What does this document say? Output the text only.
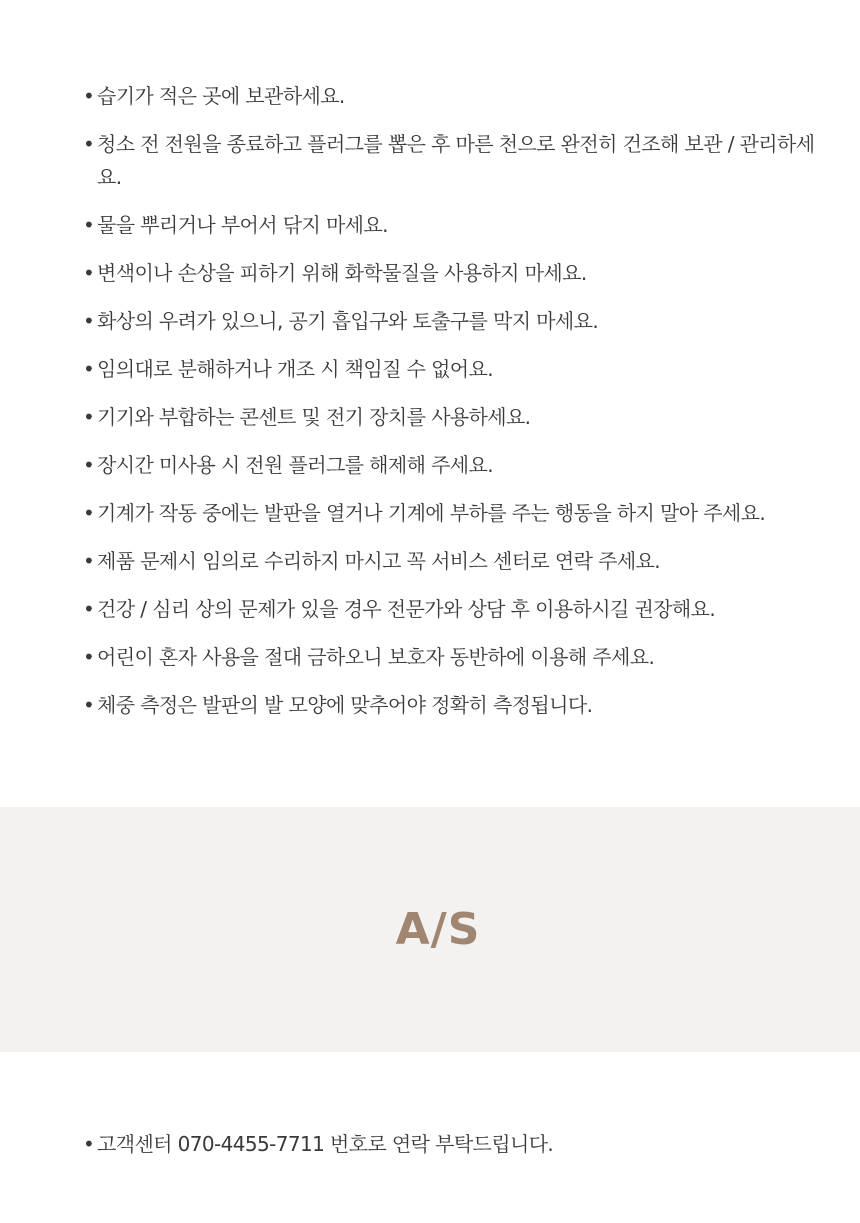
• 습기가 적은 곳에 보관하세요.
• 청소 전 전원을 종료하고 플러그를 뽑은 후 마른 천으로 완전히 건조해 보관 / 관리하세요.
• 물을 뿌리거나 부어서 닦지 마세요.
• 변색이나 손상을 피하기 위해 화학물질을 사용하지 마세요.
• 화상의 우려가 있으니, 공기 흡입구와 토출구를 막지 마세요.
• 임의대로 분해하거나 개조 시 책임질 수 없어요.
• 기기와 부합하는 콘센트 및 전기 장치를 사용하세요.
• 장시간 미사용 시 전원 플러그를 해제해 주세요.
• 기계가 작동 중에는 발판을 열거나 기계에 부하를 주는 행동을 하지 말아 주세요.
• 제품 문제시 임의로 수리하지 마시고 꼭 서비스 센터로 연락 주세요.
• 건강 / 심리 상의 문제가 있을 경우 전문가와 상담 후 이용하시길 권장해요.
• 어린이 혼자 사용을 절대 금하오니 보호자 동반하에 이용해 주세요.
• 체중 측정은 발판의 발 모양에 맞추어야 정확히 측정됩니다.
A/S
• 고객센터 070-4455-7711 번호로 연락 부탁드립니다.
